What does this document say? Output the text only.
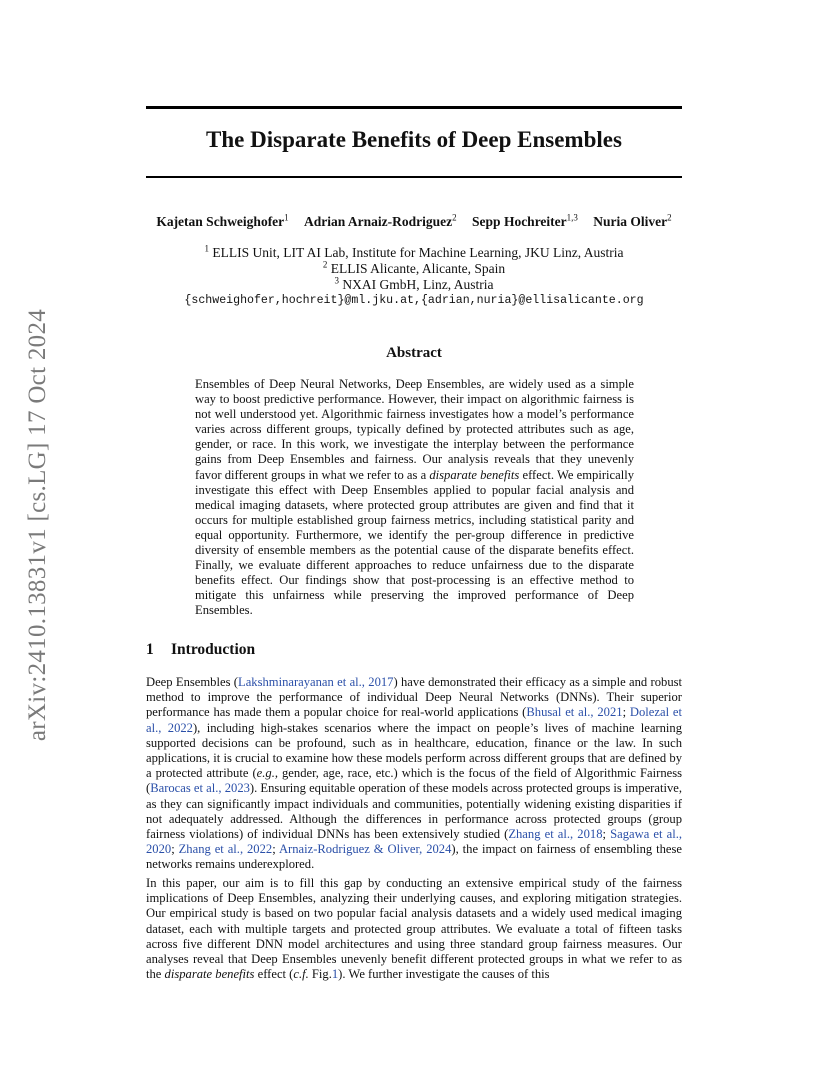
arXiv:2410.13831v1 [cs.LG] 17 Oct 2024
The Disparate Benefits of Deep Ensembles
Kajetan Schweighofer$^1$ Adrian Arnaiz-Rodriguez$^2$ Sepp Hochreiter$^{1,3}$ Nuria Oliver$^2$
$^1$ ELLIS Unit, LIT AI Lab, Institute for Machine Learning, JKU Linz, Austria
$^2$ ELLIS Alicante, Alicante, Spain
$^3$ NXAI GmbH, Linz, Austria
{schweighofer,hochreit}@ml.jku.at,{adrian,nuria}@ellisalicante.org
Abstract

Ensembles of Deep Neural Networks, Deep Ensembles, are widely used as a simple way to boost predictive performance. However, their impact on algorithmic fairness is not well understood yet. Algorithmic fairness investigates how a model’s performance varies across different groups, typically defined by protected attributes such as age, gender, or race. In this work, we investigate the interplay between the performance gains from Deep Ensembles and fairness. Our analysis reveals that they unevenly favor different groups in what we refer to as a disparate benefits effect. We empirically investigate this effect with Deep Ensembles applied to popular facial analysis and medical imaging datasets, where protected group attributes are given and find that it occurs for multiple established group fairness metrics, including statistical parity and equal opportunity. Furthermore, we identify the per-group difference in predictive diversity of ensemble members as the potential cause of the disparate benefits effect. Finally, we evaluate different approaches to reduce unfairness due to the disparate benefits effect. Our findings show that post-processing is an effective method to mitigate this unfairness while preserving the improved performance of Deep Ensembles.

1 Introduction

Deep Ensembles (Lakshminarayanan et al., 2017) have demonstrated their efficacy as a simple and robust method to improve the performance of individual Deep Neural Networks (DNNs). Their superior performance has made them a popular choice for real-world applications (Bhusal et al., 2021; Dolezal et al., 2022), including high-stakes scenarios where the impact on people’s lives of machine learning supported decisions can be profound, such as in healthcare, education, finance or the law. In such applications, it is crucial to examine how these models perform across different groups that are defined by a protected attribute (e.g., gender, age, race, etc.) which is the focus of the field of Algorithmic Fairness (Barocas et al., 2023). Ensuring equitable operation of these models across protected groups is imperative, as they can significantly impact individuals and communities, potentially widening existing disparities if not adequately addressed. Although the differences in performance across protected groups (group fairness violations) of individual DNNs has been extensively studied (Zhang et al., 2018; Sagawa et al., 2020; Zhang et al., 2022; Arnaiz-Rodriguez & Oliver, 2024), the impact on fairness of ensembling these networks remains underexplored.

In this paper, our aim is to fill this gap by conducting an extensive empirical study of the fairness implications of Deep Ensembles, analyzing their underlying causes, and exploring mitigation strategies. Our empirical study is based on two popular facial analysis datasets and a widely used medical imaging dataset, each with multiple targets and protected group attributes. We evaluate a total of fifteen tasks across five different DNN model architectures and using three standard group fairness measures. Our analyses reveal that Deep Ensembles unevenly benefit different protected groups in what we refer to as the disparate benefits effect (c.f. Fig.1). We further investigate the causes of this
